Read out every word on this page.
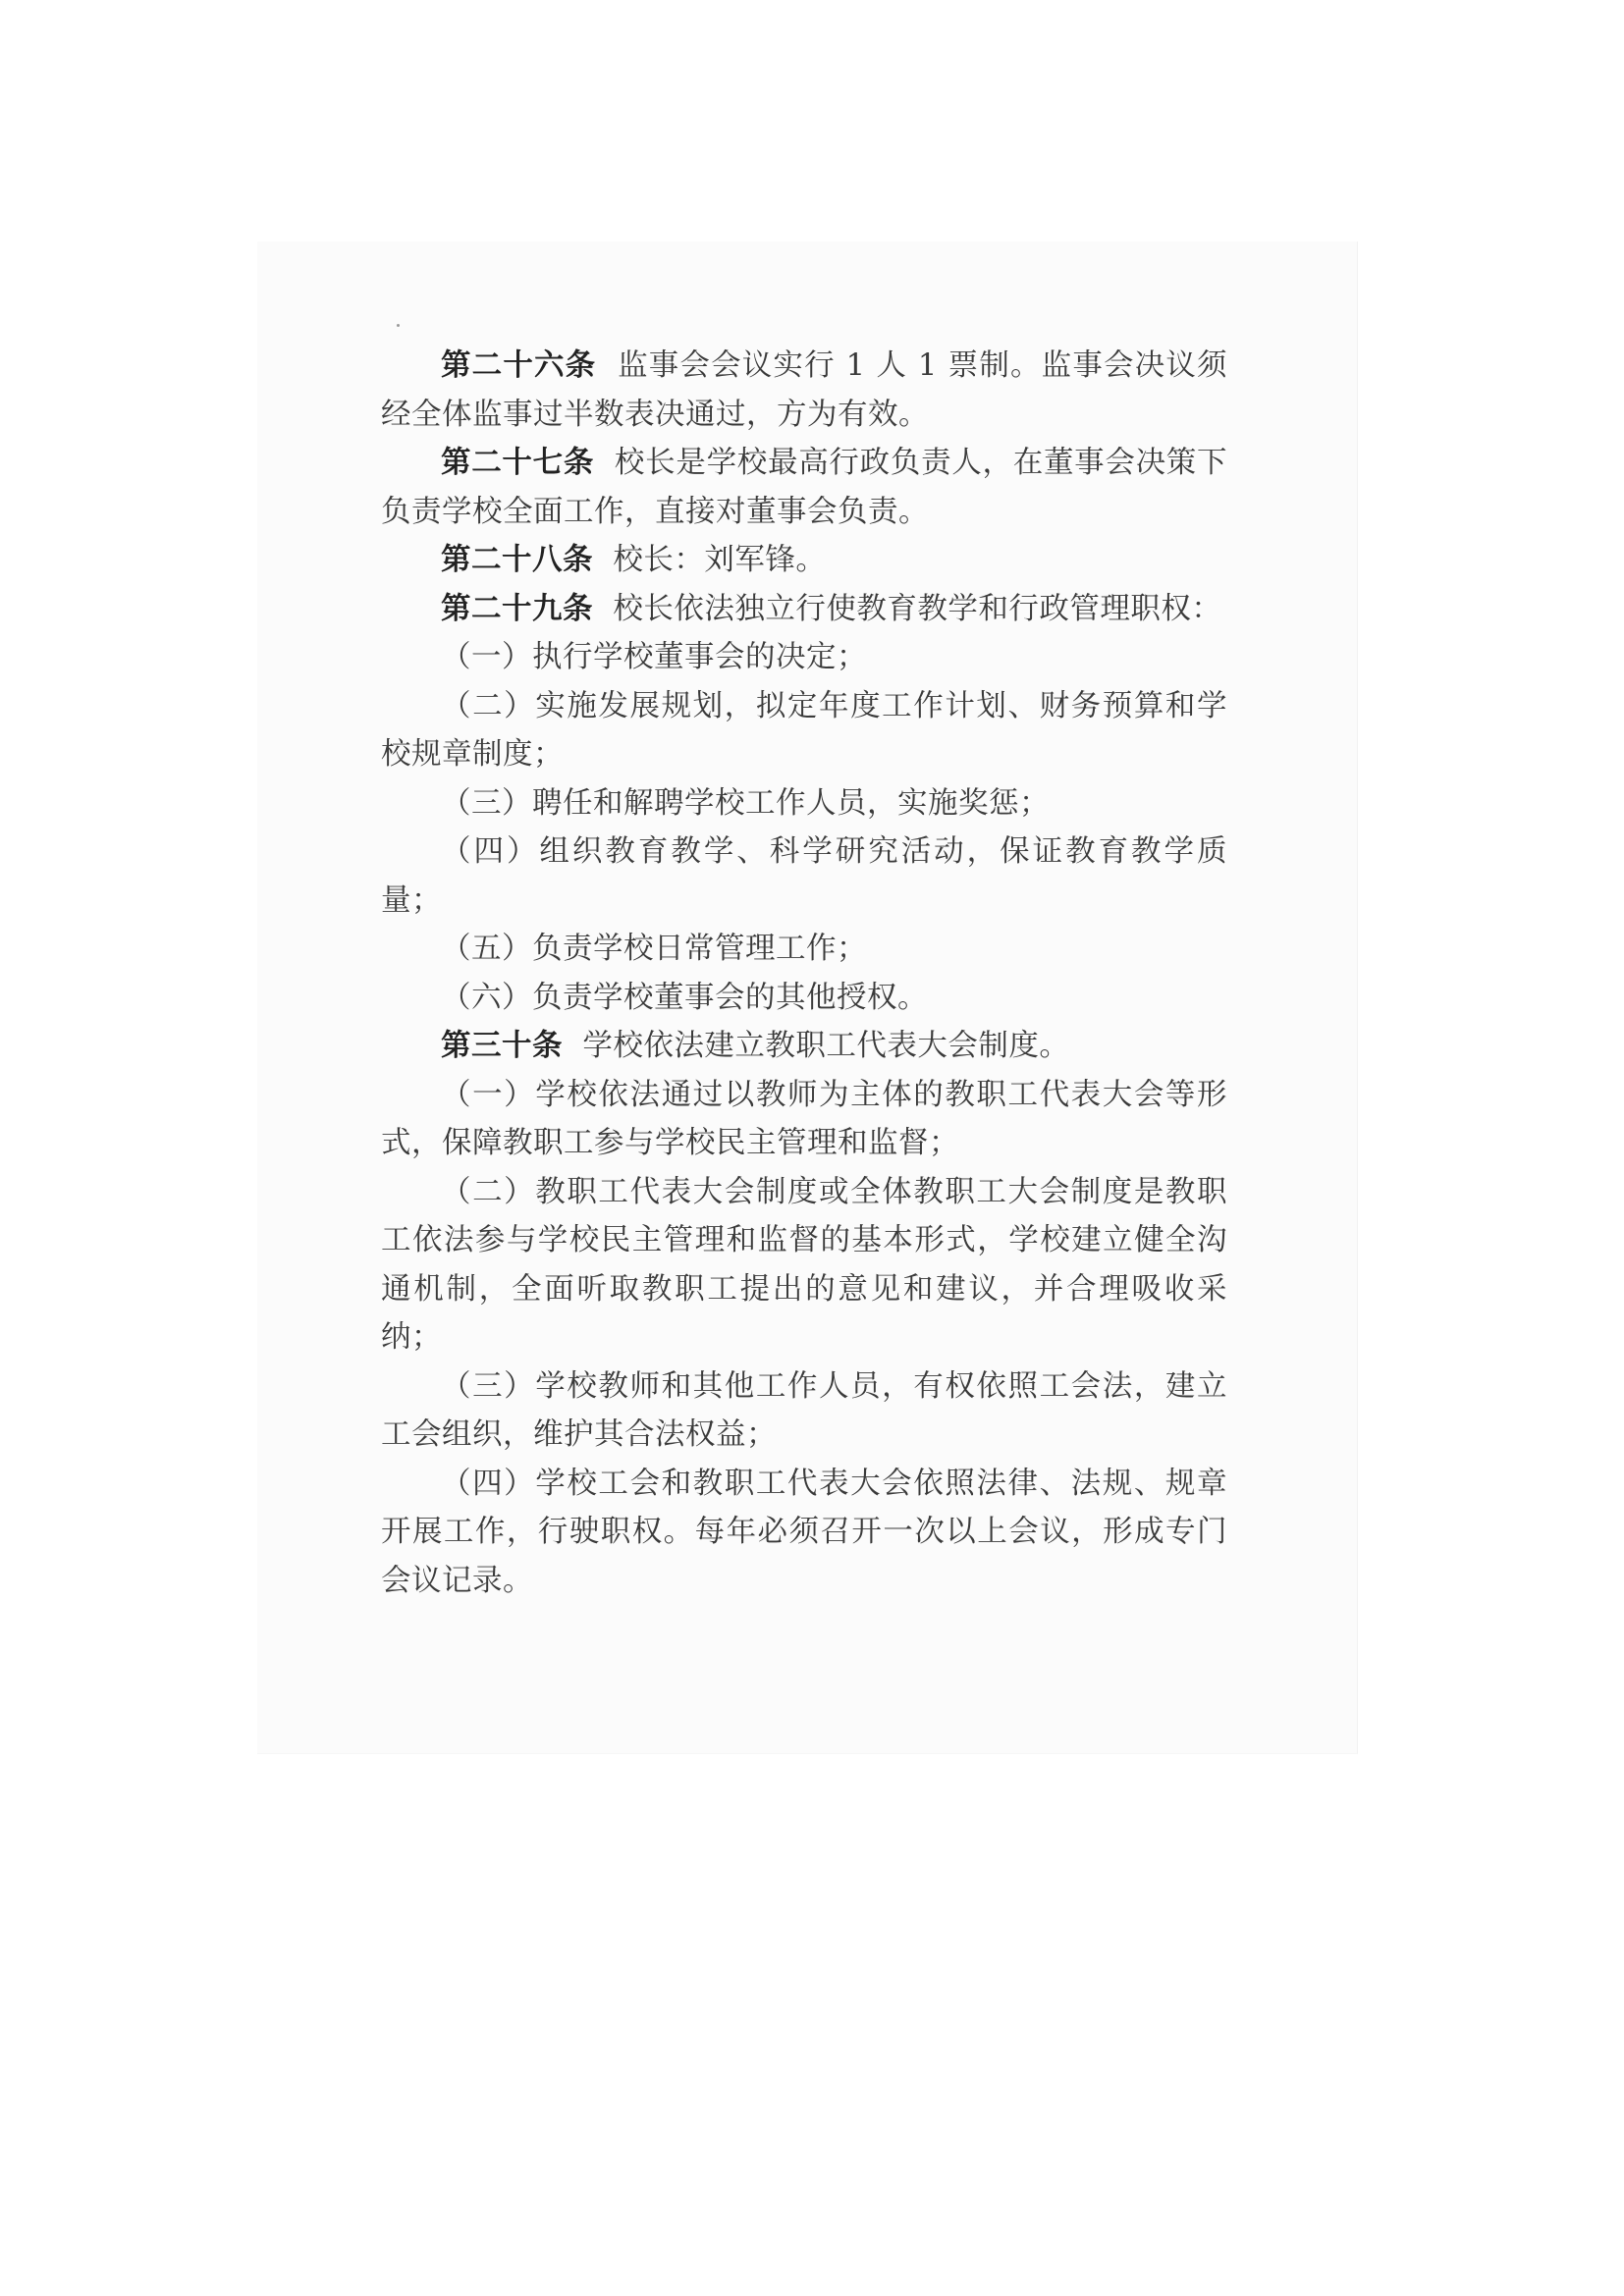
第二十六条 监事会会议实行 1 人 1 票制。监事会决议须经全体监事过半数表决通过，方为有效。

第二十七条 校长是学校最高行政负责人，在董事会决策下负责学校全面工作，直接对董事会负责。

第二十八条 校长：刘军锋。

第二十九条 校长依法独立行使教育教学和行政管理职权：

（一）执行学校董事会的决定；

（二）实施发展规划，拟定年度工作计划、财务预算和学校规章制度；

（三）聘任和解聘学校工作人员，实施奖惩；

（四）组织教育教学、科学研究活动，保证教育教学质量；

（五）负责学校日常管理工作；

（六）负责学校董事会的其他授权。

第三十条 学校依法建立教职工代表大会制度。

（一）学校依法通过以教师为主体的教职工代表大会等形式，保障教职工参与学校民主管理和监督；

（二）教职工代表大会制度或全体教职工大会制度是教职工依法参与学校民主管理和监督的基本形式，学校建立健全沟通机制，全面听取教职工提出的意见和建议，并合理吸收采纳；

（三）学校教师和其他工作人员，有权依照工会法，建立工会组织，维护其合法权益；

（四）学校工会和教职工代表大会依照法律、法规、规章开展工作，行驶职权。每年必须召开一次以上会议，形成专门会议记录。
